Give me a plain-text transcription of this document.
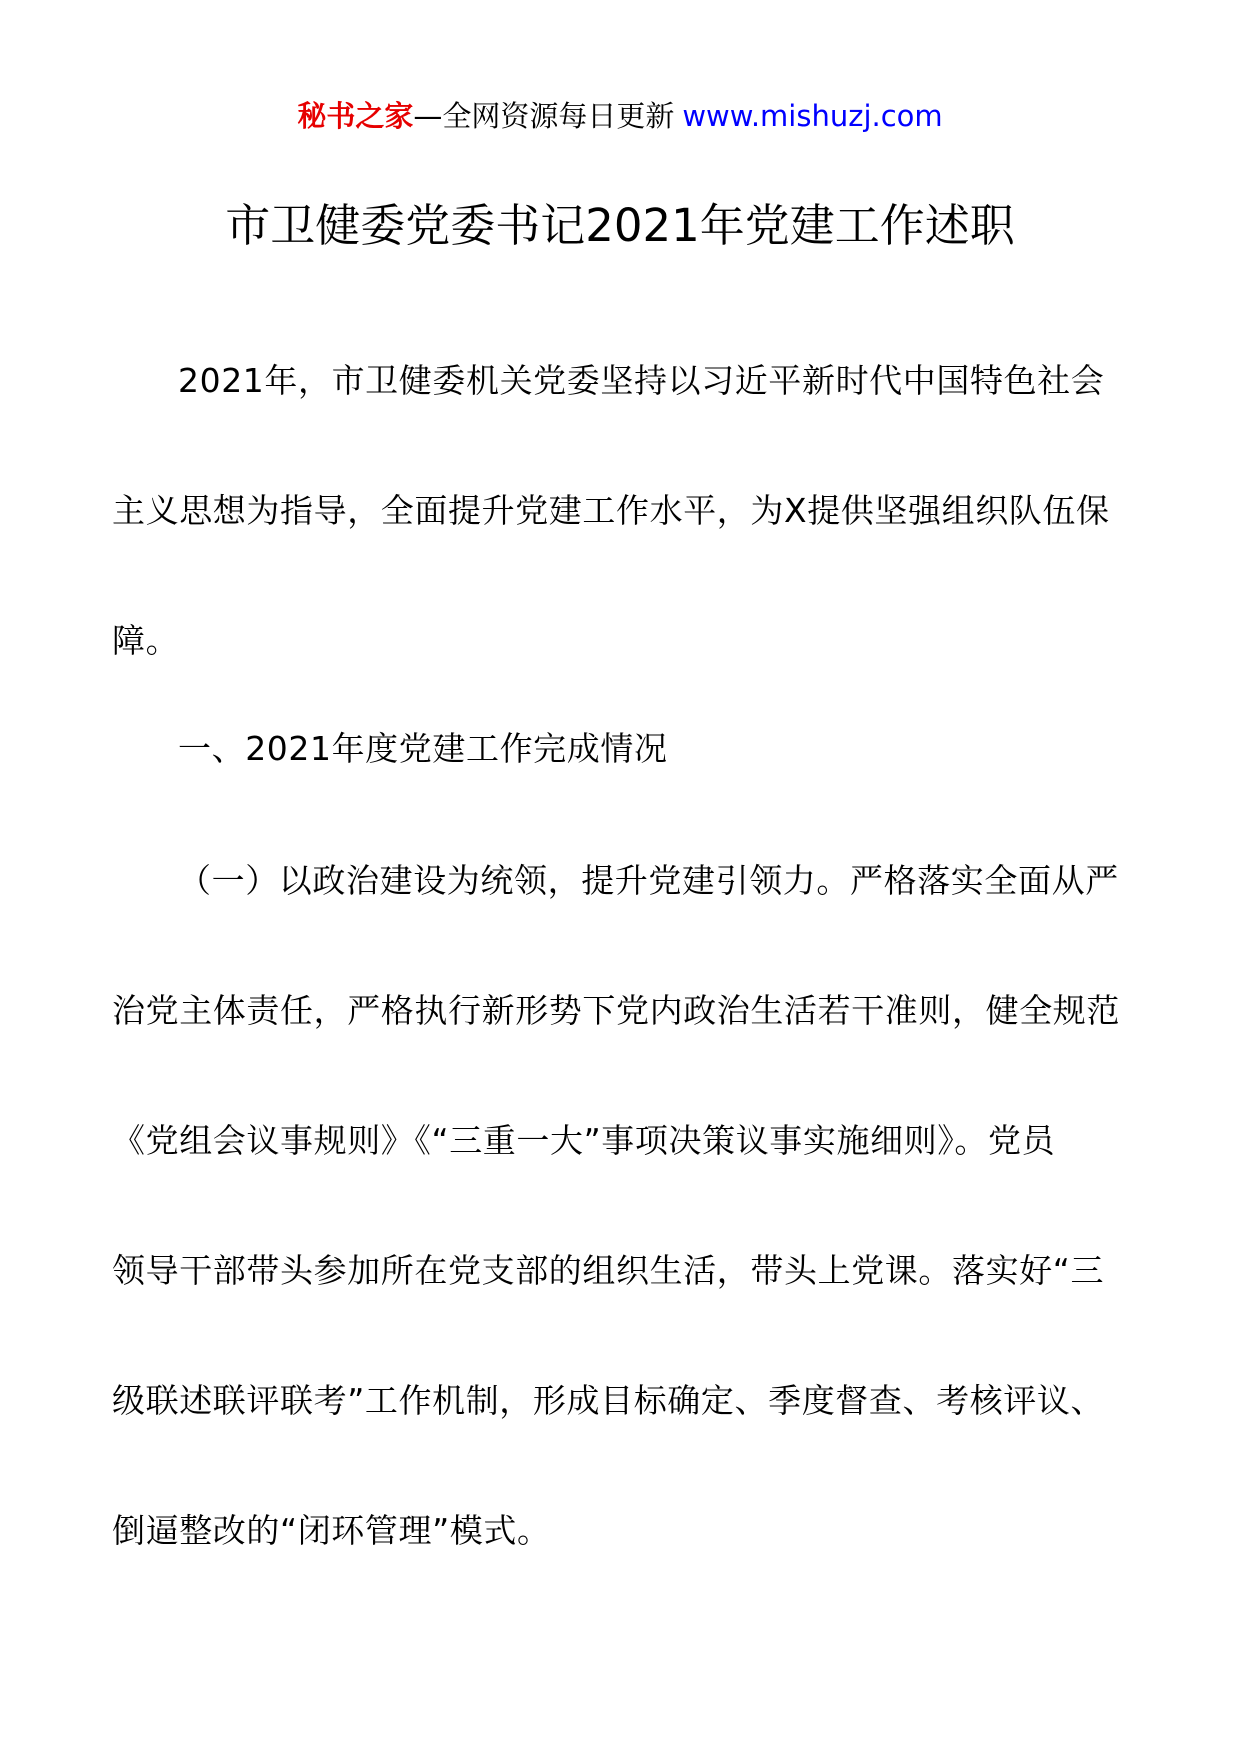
秘书之家—全网资源每日更新 www.mishuzj.com
市卫健委党委书记2021年党建工作述职

2021年，市卫健委机关党委坚持以习近平新时代中国特色社会
主义思想为指导，全面提升党建工作水平，为X提供坚强组织队伍保
障。

一、2021年度党建工作完成情况

（一）以政治建设为统领，提升党建引领力。严格落实全面从严
治党主体责任，严格执行新形势下党内政治生活若干准则，健全规范
《党组会议事规则》《“三重一大”事项决策议事实施细则》。党员
领导干部带头参加所在党支部的组织生活，带头上党课。落实好“三
级联述联评联考”工作机制，形成目标确定、季度督查、考核评议、
倒逼整改的“闭环管理”模式。
